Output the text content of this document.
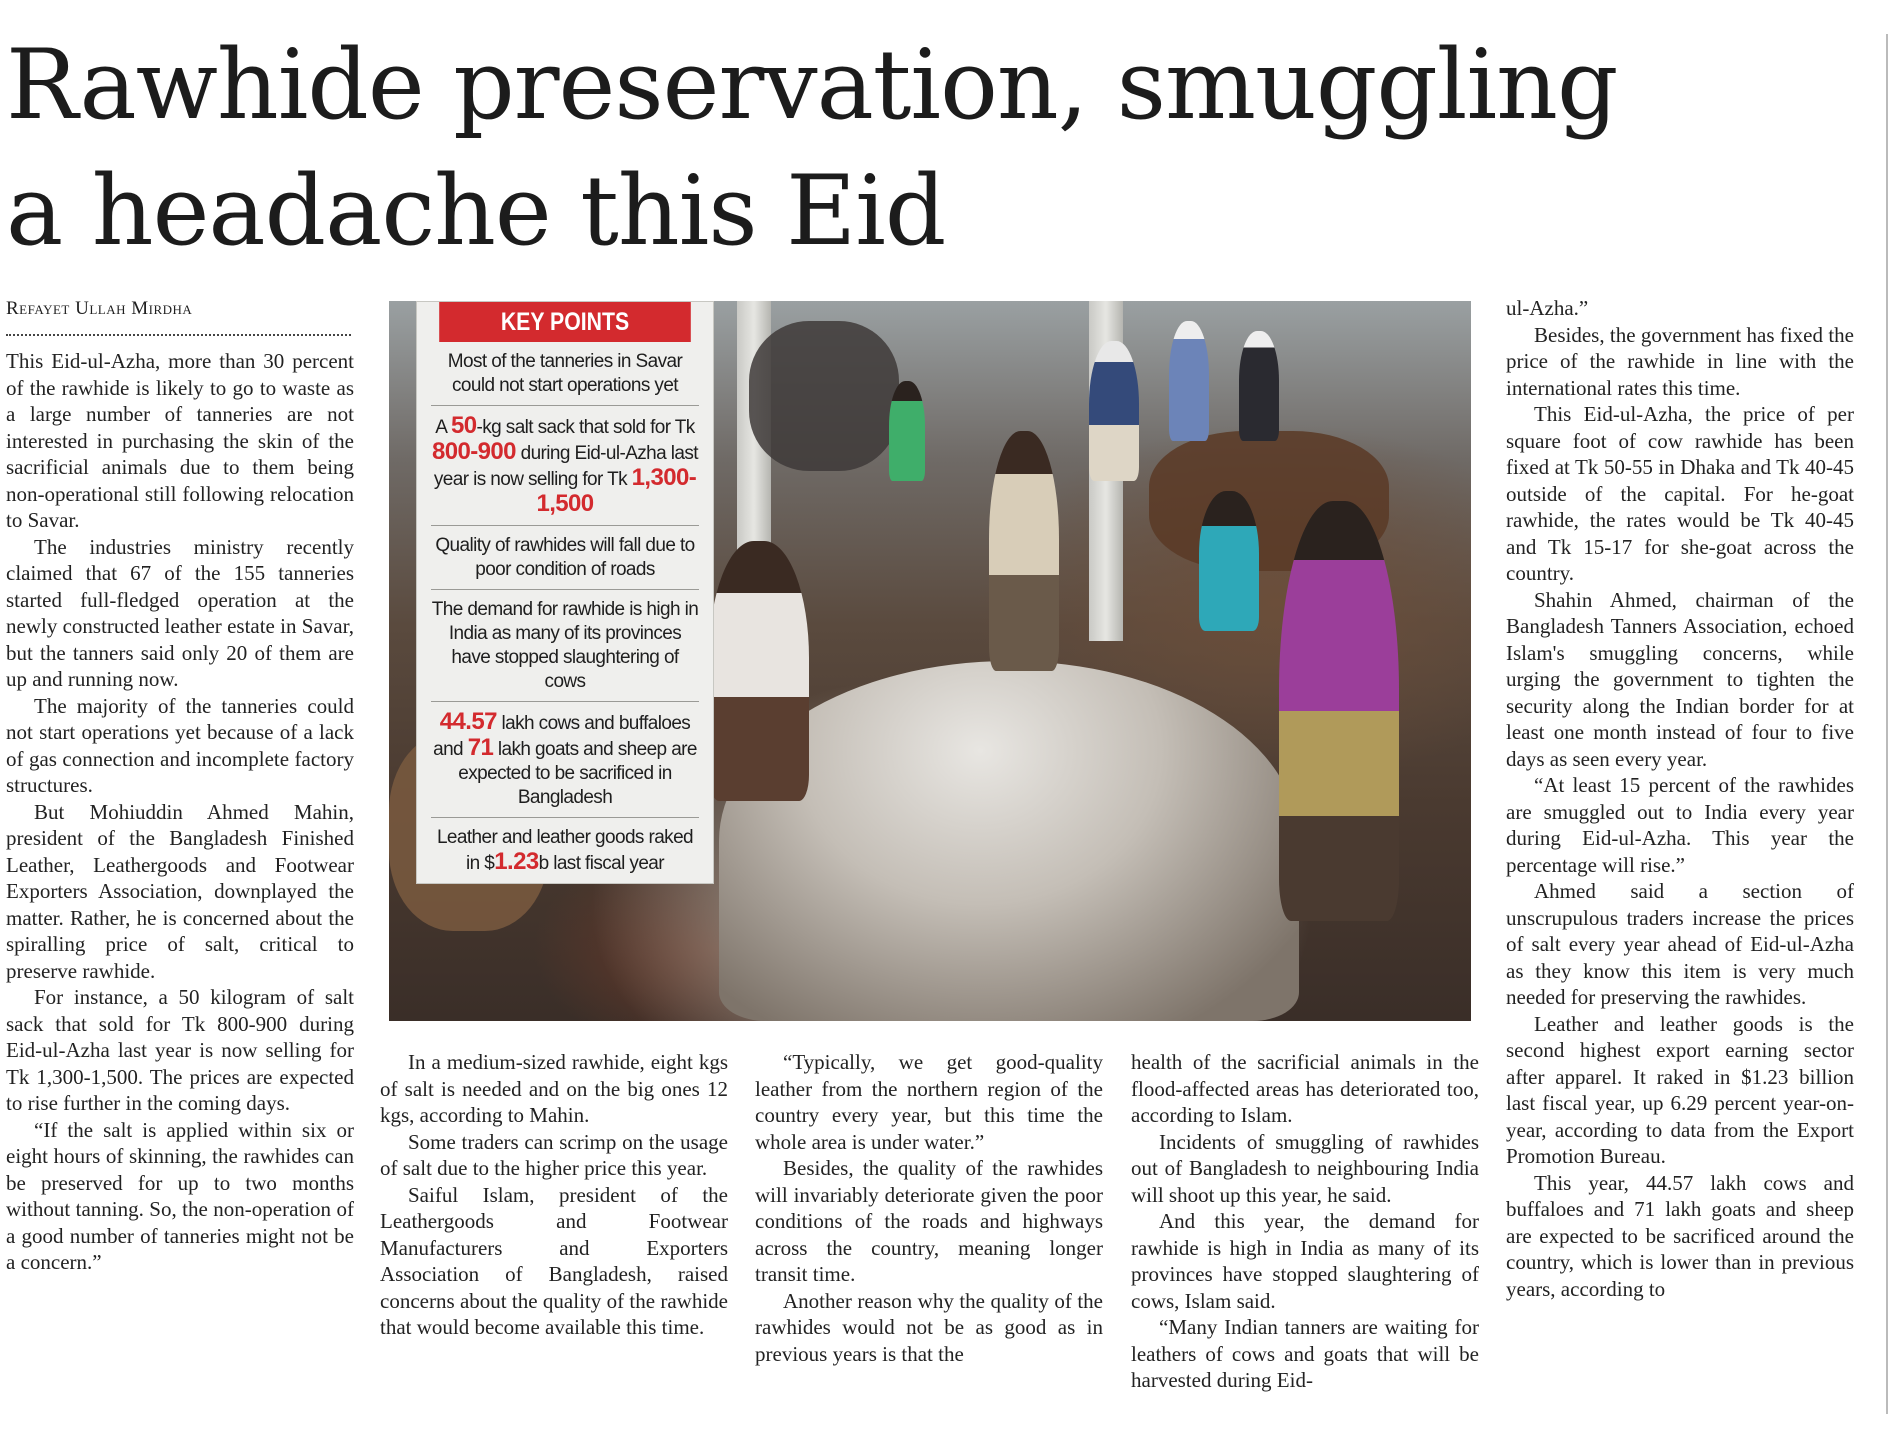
Rawhide preservation, smuggling
a headache this Eid
Refayet Ullah Mirdha

This Eid-ul-Azha, more than 30 percent of the rawhide is likely to go to waste as a large number of tanneries are not interested in purchasing the skin of the sacrificial animals due to them being non-operational still following relocation to Savar.

The industries ministry recently claimed that 67 of the 155 tanneries started full-fledged operation at the newly constructed leather estate in Savar, but the tanners said only 20 of them are up and running now.

The majority of the tanneries could not start operations yet because of a lack of gas connection and incomplete factory structures.

But Mohiuddin Ahmed Mahin, president of the Bangladesh Finished Leather, Leathergoods and Footwear Exporters Association, downplayed the matter. Rather, he is concerned about the spiralling price of salt, critical to preserve rawhide.

For instance, a 50 kilogram of salt sack that sold for Tk 800-900 during Eid-ul-Azha last year is now selling for Tk 1,300-1,500. The prices are expected to rise further in the coming days.

“If the salt is applied within six or eight hours of skinning, the rawhides can be preserved for up to two months without tanning. So, the non-operation of a good number of tanneries might not be a concern.”

KEY POINTS
Most of the tanneries in Savar could not start operations yet
A 50-kg salt sack that sold for Tk 800-900 during Eid-ul-Azha last year is now selling for Tk 1,300-1,500
Quality of rawhides will fall due to poor condition of roads
The demand for rawhide is high in India as many of its provinces have stopped slaughtering of cows
44.57 lakh cows and buffaloes and 71 lakh goats and sheep are expected to be sacrificed in Bangladesh
Leather and leather goods raked in $1.23b last fiscal year

In a medium-sized rawhide, eight kgs of salt is needed and on the big ones 12 kgs, according to Mahin.

Some traders can scrimp on the usage of salt due to the higher price this year.

Saiful Islam, president of the Leathergoods and Footwear Manufacturers and Exporters Association of Bangladesh, raised concerns about the quality of the rawhide that would become available this time.

“Typically, we get good-quality leather from the northern region of the country every year, but this time the whole area is under water.”

Besides, the quality of the rawhides will invariably deteriorate given the poor conditions of the roads and highways across the country, meaning longer transit time.

Another reason why the quality of the rawhides would not be as good as in previous years is that the

health of the sacrificial animals in the flood-affected areas has deteriorated too, according to Islam.

Incidents of smuggling of rawhides out of Bangladesh to neighbouring India will shoot up this year, he said.

And this year, the demand for rawhide is high in India as many of its provinces have stopped slaughtering of cows, Islam said.

“Many Indian tanners are waiting for leathers of cows and goats that will be harvested during Eid-

ul-Azha.”

Besides, the government has fixed the price of the rawhide in line with the international rates this time.

This Eid-ul-Azha, the price of per square foot of cow rawhide has been fixed at Tk 50-55 in Dhaka and Tk 40-45 outside of the capital. For he-goat rawhide, the rates would be Tk 40-45 and Tk 15-17 for she-goat across the country.

Shahin Ahmed, chairman of the Bangladesh Tanners Association, echoed Islam's smuggling concerns, while urging the government to tighten the security along the Indian border for at least one month instead of four to five days as seen every year.

“At least 15 percent of the rawhides are smuggled out to India every year during Eid-ul-Azha. This year the percentage will rise.”

Ahmed said a section of unscrupulous traders increase the prices of salt every year ahead of Eid-ul-Azha as they know this item is very much needed for preserving the rawhides.

Leather and leather goods is the second highest export earning sector after apparel. It raked in $1.23 billion last fiscal year, up 6.29 percent year-on-year, according to data from the Export Promotion Bureau.

This year, 44.57 lakh cows and buffaloes and 71 lakh goats and sheep are expected to be sacrificed around the country, which is lower than in previous years, according to
